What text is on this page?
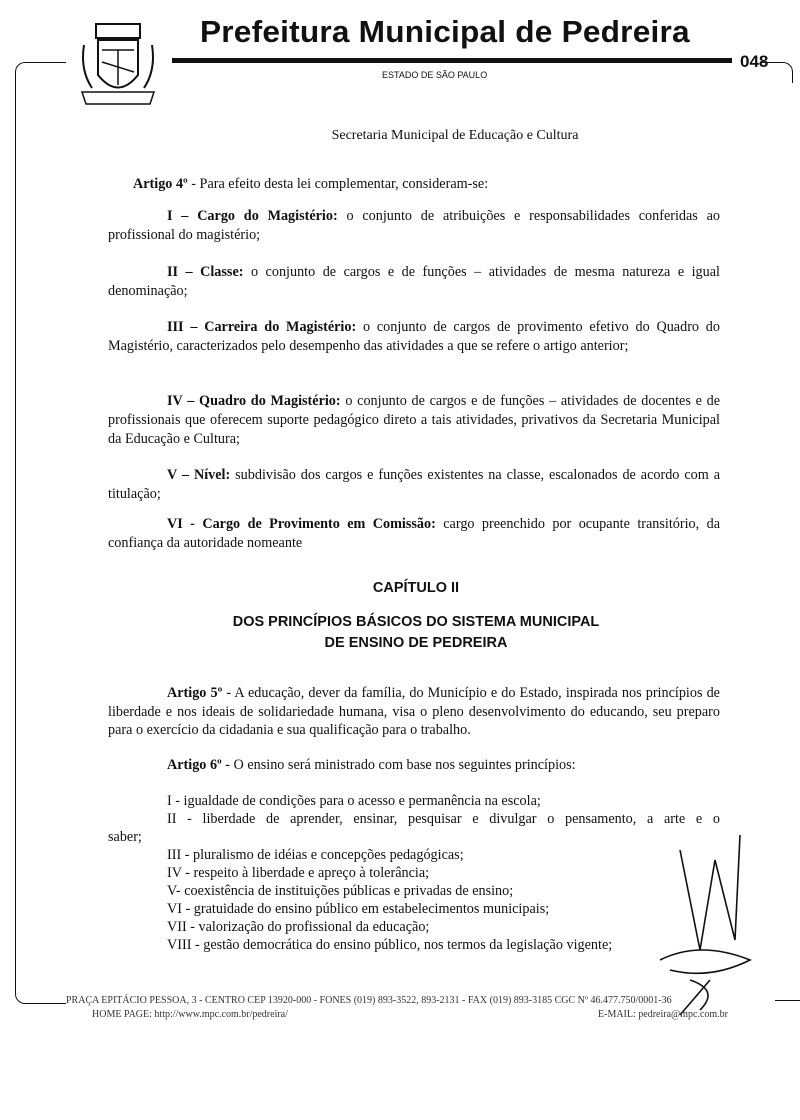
Prefeitura Municipal de Pedreira
048
ESTADO DE SÃO PAULO
Secretaria Municipal de Educação e Cultura
Artigo 4º - Para efeito desta lei complementar, consideram-se:
I – Cargo do Magistério: o conjunto de atribuições e responsabilidades conferidas ao profissional do magistério;
II – Classe: o conjunto de cargos e de funções – atividades de mesma natureza e igual denominação;
III – Carreira do Magistério: o conjunto de cargos de provimento efetivo do Quadro do Magistério, caracterizados pelo desempenho das atividades a que se refere o artigo anterior;
IV – Quadro do Magistério: o conjunto de cargos e de funções – atividades de docentes e de profissionais que oferecem suporte pedagógico direto a tais atividades, privativos da Secretaria Municipal da Educação e Cultura;
V – Nível: subdivisão dos cargos e funções existentes na classe, escalonados de acordo com a titulação;
VI - Cargo de Provimento em Comissão: cargo preenchido por ocupante transitório, da confiança da autoridade nomeante
CAPÍTULO II
DOS PRINCÍPIOS BÁSICOS DO SISTEMA MUNICIPAL
DE ENSINO DE PEDREIRA
Artigo 5º - A educação, dever da família, do Município e do Estado, inspirada nos princípios de liberdade e nos ideais de solidariedade humana, visa o pleno desenvolvimento do educando, seu preparo para o exercício da cidadania e sua qualificação para o trabalho.
Artigo 6º - O ensino será ministrado com base nos seguintes princípios:
I - igualdade de condições para o acesso e permanência na escola;
II - liberdade de aprender, ensinar, pesquisar e divulgar o pensamento, a arte e o
saber;
III - pluralismo de idéias e concepções pedagógicas;
IV - respeito à liberdade e apreço à tolerância;
V- coexistência de instituições públicas e privadas de ensino;
VI - gratuidade do ensino público em estabelecimentos municipais;
VII - valorização do profissional da educação;
VIII - gestão democrática do ensino público, nos termos da legislação vigente;
PRAÇA EPITÁCIO PESSOA, 3 - CENTRO CEP 13920-000 - FONES (019) 893-3522, 893-2131 - FAX (019) 893-3185 CGC Nº 46.477.750/0001-36
HOME PAGE: http://www.mpc.com.br/pedreira/	E-MAIL: pedreira@mpc.com.br
